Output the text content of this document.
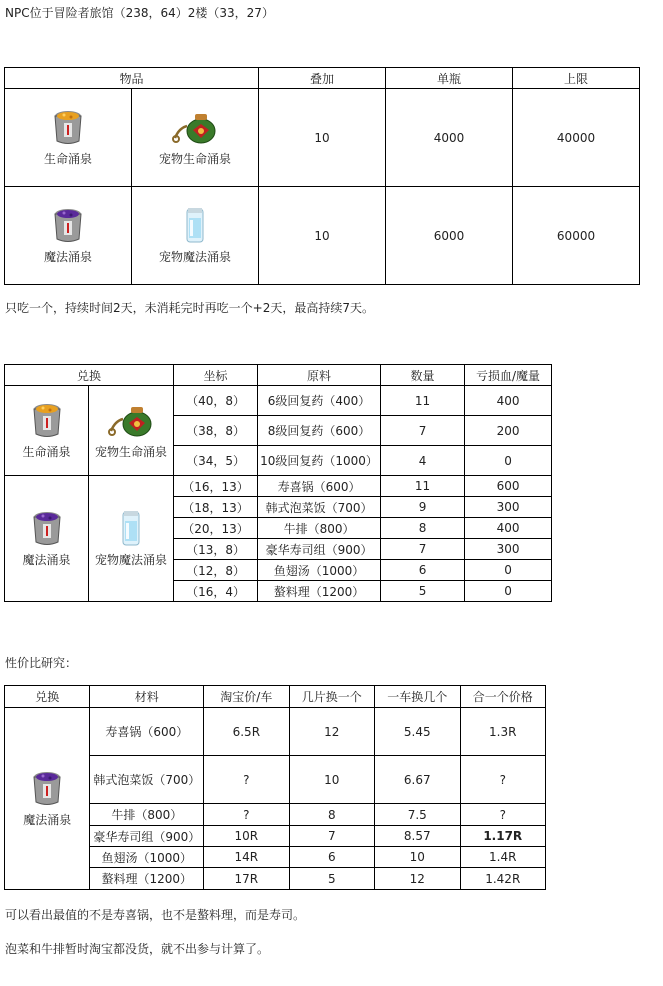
NPC位于冒险者旅馆（238，64）2楼（33，27）

物品		叠加	单瓶	上限

生命涌泉	宠物生命涌泉	10	4000	40000

魔法涌泉	宠物魔法涌泉	10	6000	60000

只吃一个，持续时间2天，未消耗完时再吃一个+2天，最高持续7天。

兑换		坐标	原料	数量	亏损血/魔量

生命涌泉	宠物生命涌泉	（40，8）	6级回复药（400）	11	400
		（38，8）	8级回复药（600）	7	200
		（34，5）	10级回复药（1000）	4	0

魔法涌泉	宠物魔法涌泉	（16，13）	寿喜锅（600）	11	600
		（18，13）	韩式泡菜饭（700）	9	300
		（20，13）	牛排（800）	8	400
		（13，8）	豪华寿司组（900）	7	300
		（12，8）	鱼翅汤（1000）	6	0
		（16，4）	螯料理（1200）	5	0

性价比研究：

兑换	材料	淘宝价/车	几片换一个	一车换几个	合一个价格

魔法涌泉	寿喜锅（600）	6.5R	12	5.45	1.3R
	韩式泡菜饭（700）	?	10	6.67	?
	牛排（800）	?	8	7.5	?
	豪华寿司组（900）	10R	7	8.57	1.17R
	鱼翅汤（1000）	14R	6	10	1.4R
	螯料理（1200）	17R	5	12	1.42R

可以看出最值的不是寿喜锅，也不是螯料理，而是寿司。

泡菜和牛排暂时淘宝都没货，就不出参与计算了。
